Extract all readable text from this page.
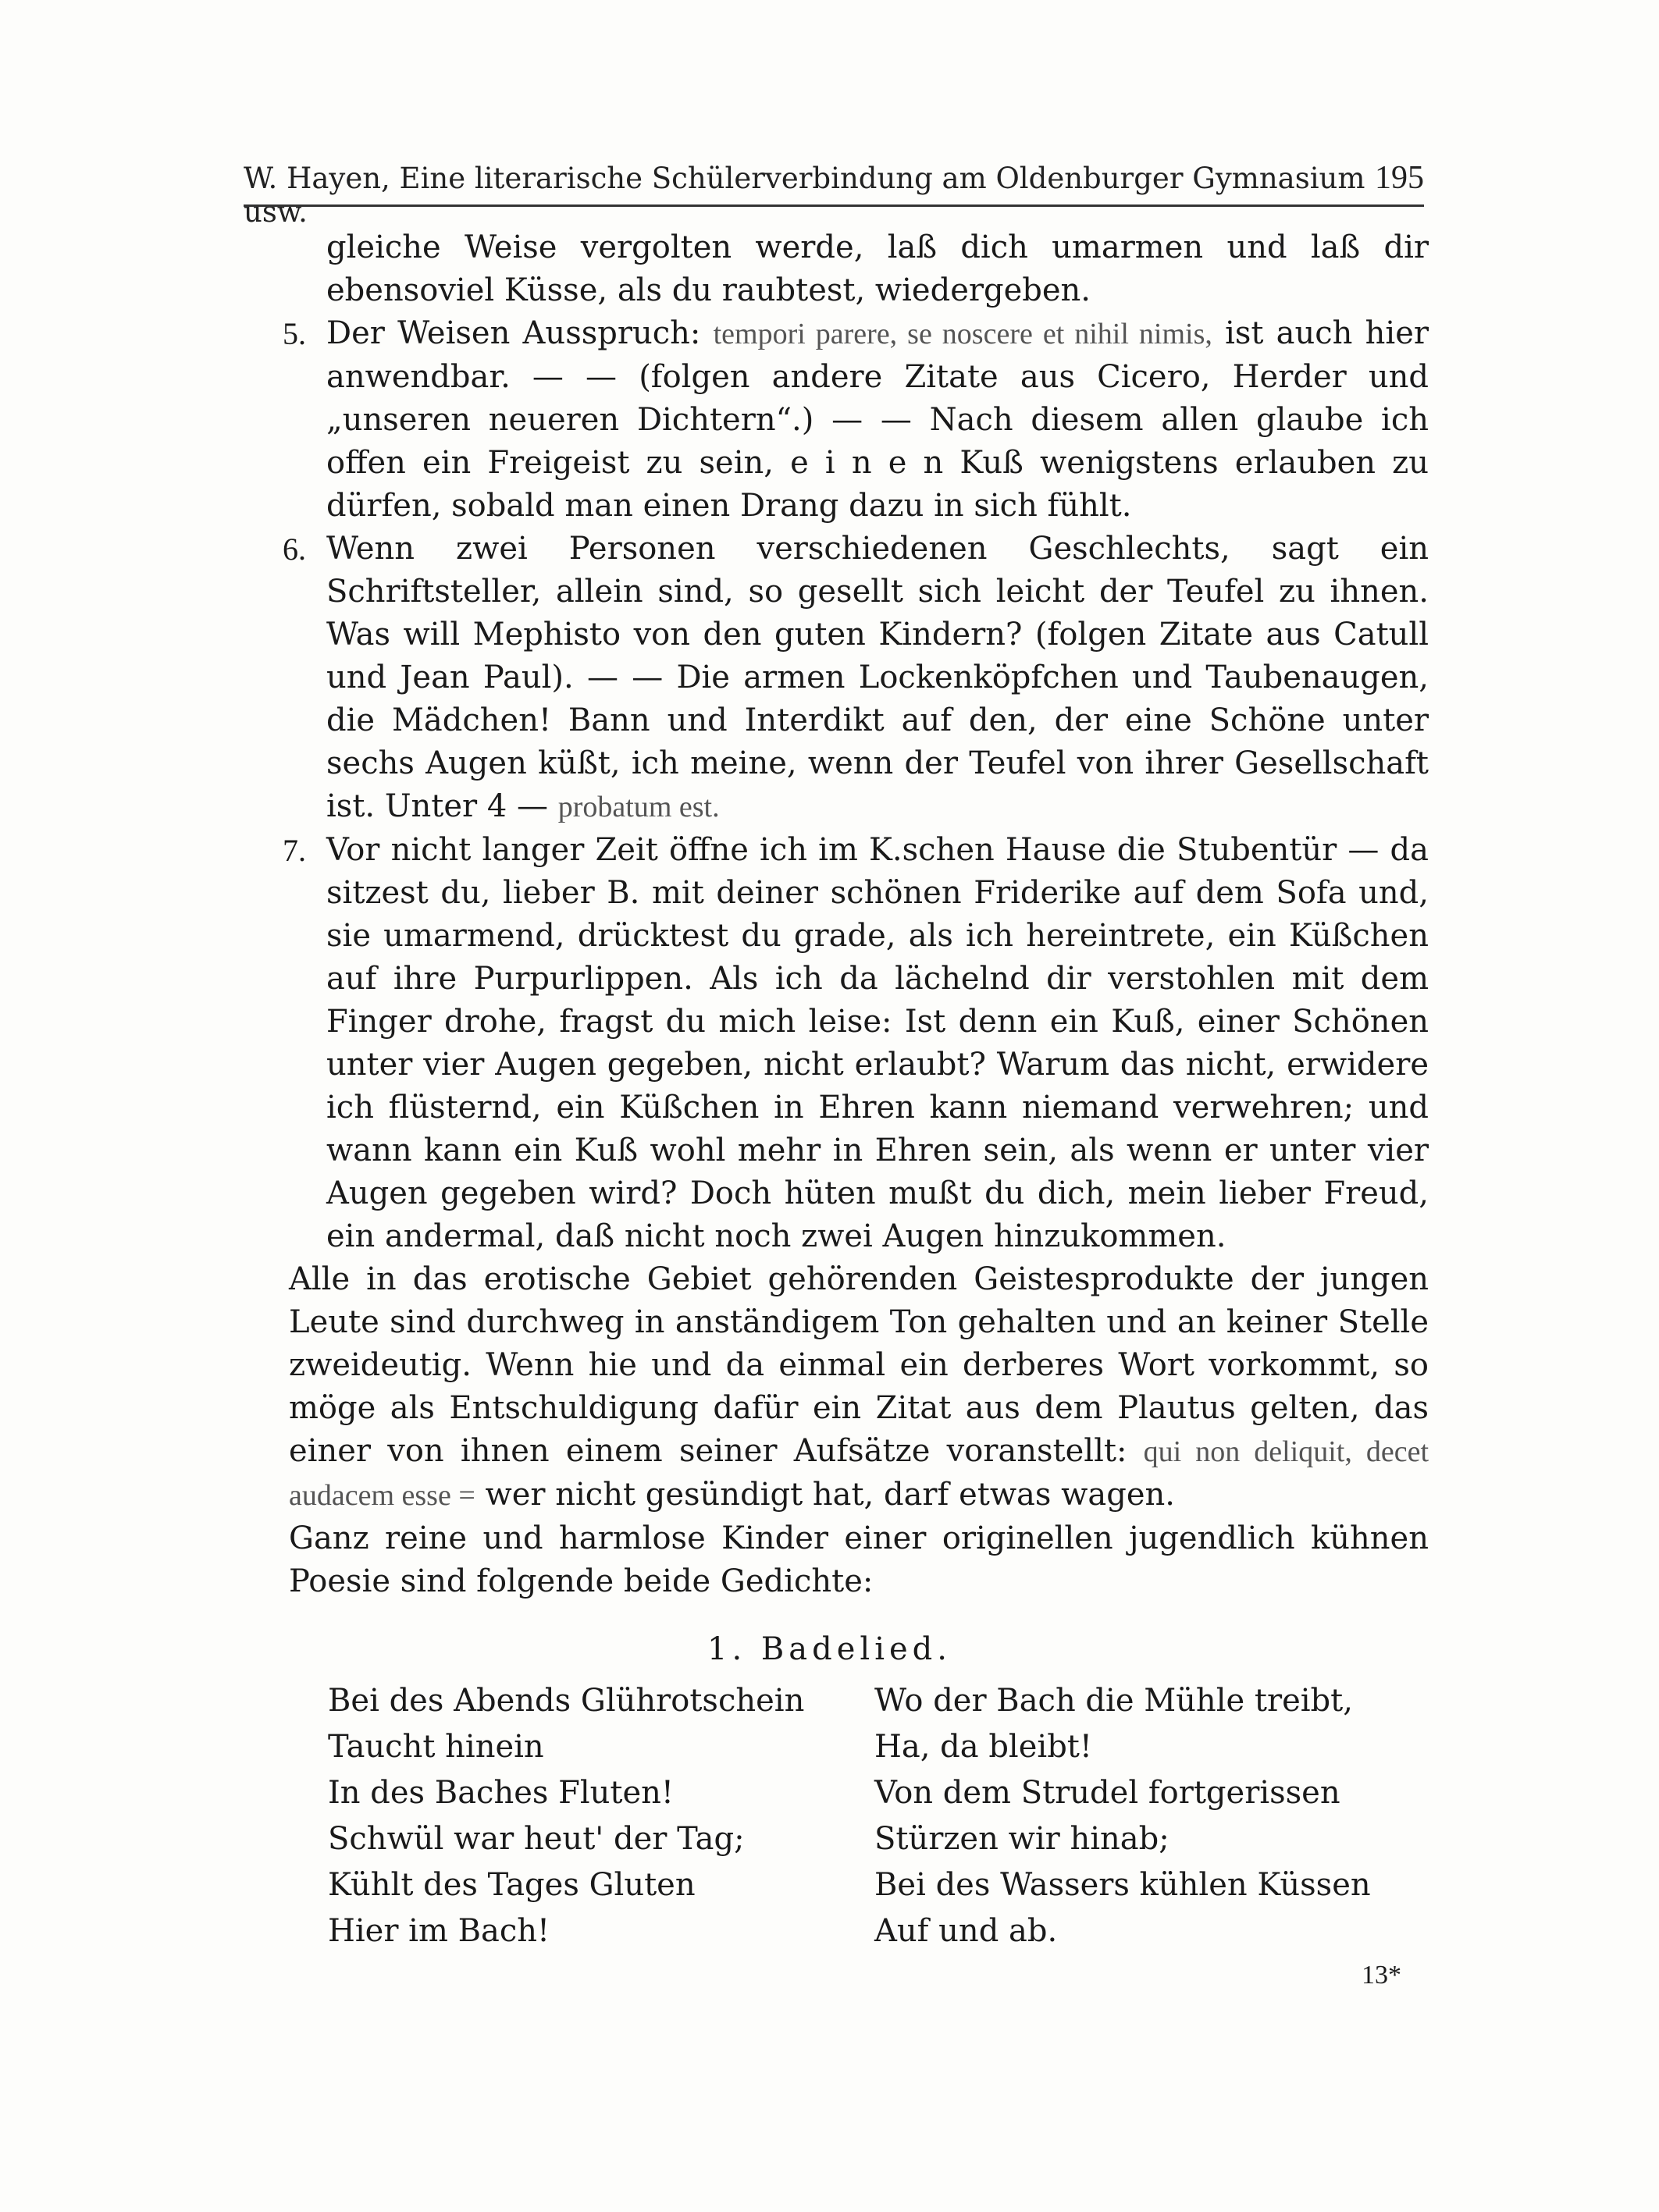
W. Hayen, Eine literarische Schülerverbindung am Oldenburger Gymnasium usw.
195

gleiche Weise vergolten werde, laß dich umarmen und laß dir ebensoviel Küsse, als du raubtest, wiedergeben.

5. Der Weisen Ausspruch: tempori parere, se noscere et nihil nimis, ist auch hier anwendbar. — — (folgen andere Zitate aus Cicero, Herder und „unseren neueren Dichtern“.) — — Nach diesem allen glaube ich offen ein Freigeist zu sein, e i n e n Kuß wenigstens erlauben zu dürfen, sobald man einen Drang dazu in sich fühlt.

6. Wenn zwei Personen verschiedenen Geschlechts, sagt ein Schriftsteller, allein sind, so gesellt sich leicht der Teufel zu ihnen. Was will Mephisto von den guten Kindern? (folgen Zitate aus Catull und Jean Paul). — — Die armen Lockenköpfchen und Taubenaugen, die Mädchen! Bann und Interdikt auf den, der eine Schöne unter sechs Augen küßt, ich meine, wenn der Teufel von ihrer Gesellschaft ist. Unter 4 — probatum est.

7. Vor nicht langer Zeit öffne ich im K.schen Hause die Stubentür — da sitzest du, lieber B. mit deiner schönen Friderike auf dem Sofa und, sie umarmend, drücktest du grade, als ich hereintrete, ein Küßchen auf ihre Purpurlippen. Als ich da lächelnd dir verstohlen mit dem Finger drohe, fragst du mich leise: Ist denn ein Kuß, einer Schönen unter vier Augen gegeben, nicht erlaubt? Warum das nicht, erwidere ich flüsternd, ein Küßchen in Ehren kann niemand verwehren; und wann kann ein Kuß wohl mehr in Ehren sein, als wenn er unter vier Augen gegeben wird? Doch hüten mußt du dich, mein lieber Freud, ein andermal, daß nicht noch zwei Augen hinzukommen.

Alle in das erotische Gebiet gehörenden Geistesprodukte der jungen Leute sind durchweg in anständigem Ton gehalten und an keiner Stelle zweideutig. Wenn hie und da einmal ein derberes Wort vorkommt, so möge als Entschuldigung dafür ein Zitat aus dem Plautus gelten, das einer von ihnen einem seiner Aufsätze voranstellt: qui non deliquit, decet audacem esse = wer nicht gesündigt hat, darf etwas wagen.

Ganz reine und harmlose Kinder einer originellen jugendlich kühnen Poesie sind folgende beide Gedichte:

1. Badelied.
Bei des Abends Glührotschein
Taucht hinein
In des Baches Fluten!
Schwül war heut' der Tag;
Kühlt des Tages Gluten
Hier im Bach!
Wo der Bach die Mühle treibt,
Ha, da bleibt!
Von dem Strudel fortgerissen
Stürzen wir hinab;
Bei des Wassers kühlen Küssen
Auf und ab.
13*
